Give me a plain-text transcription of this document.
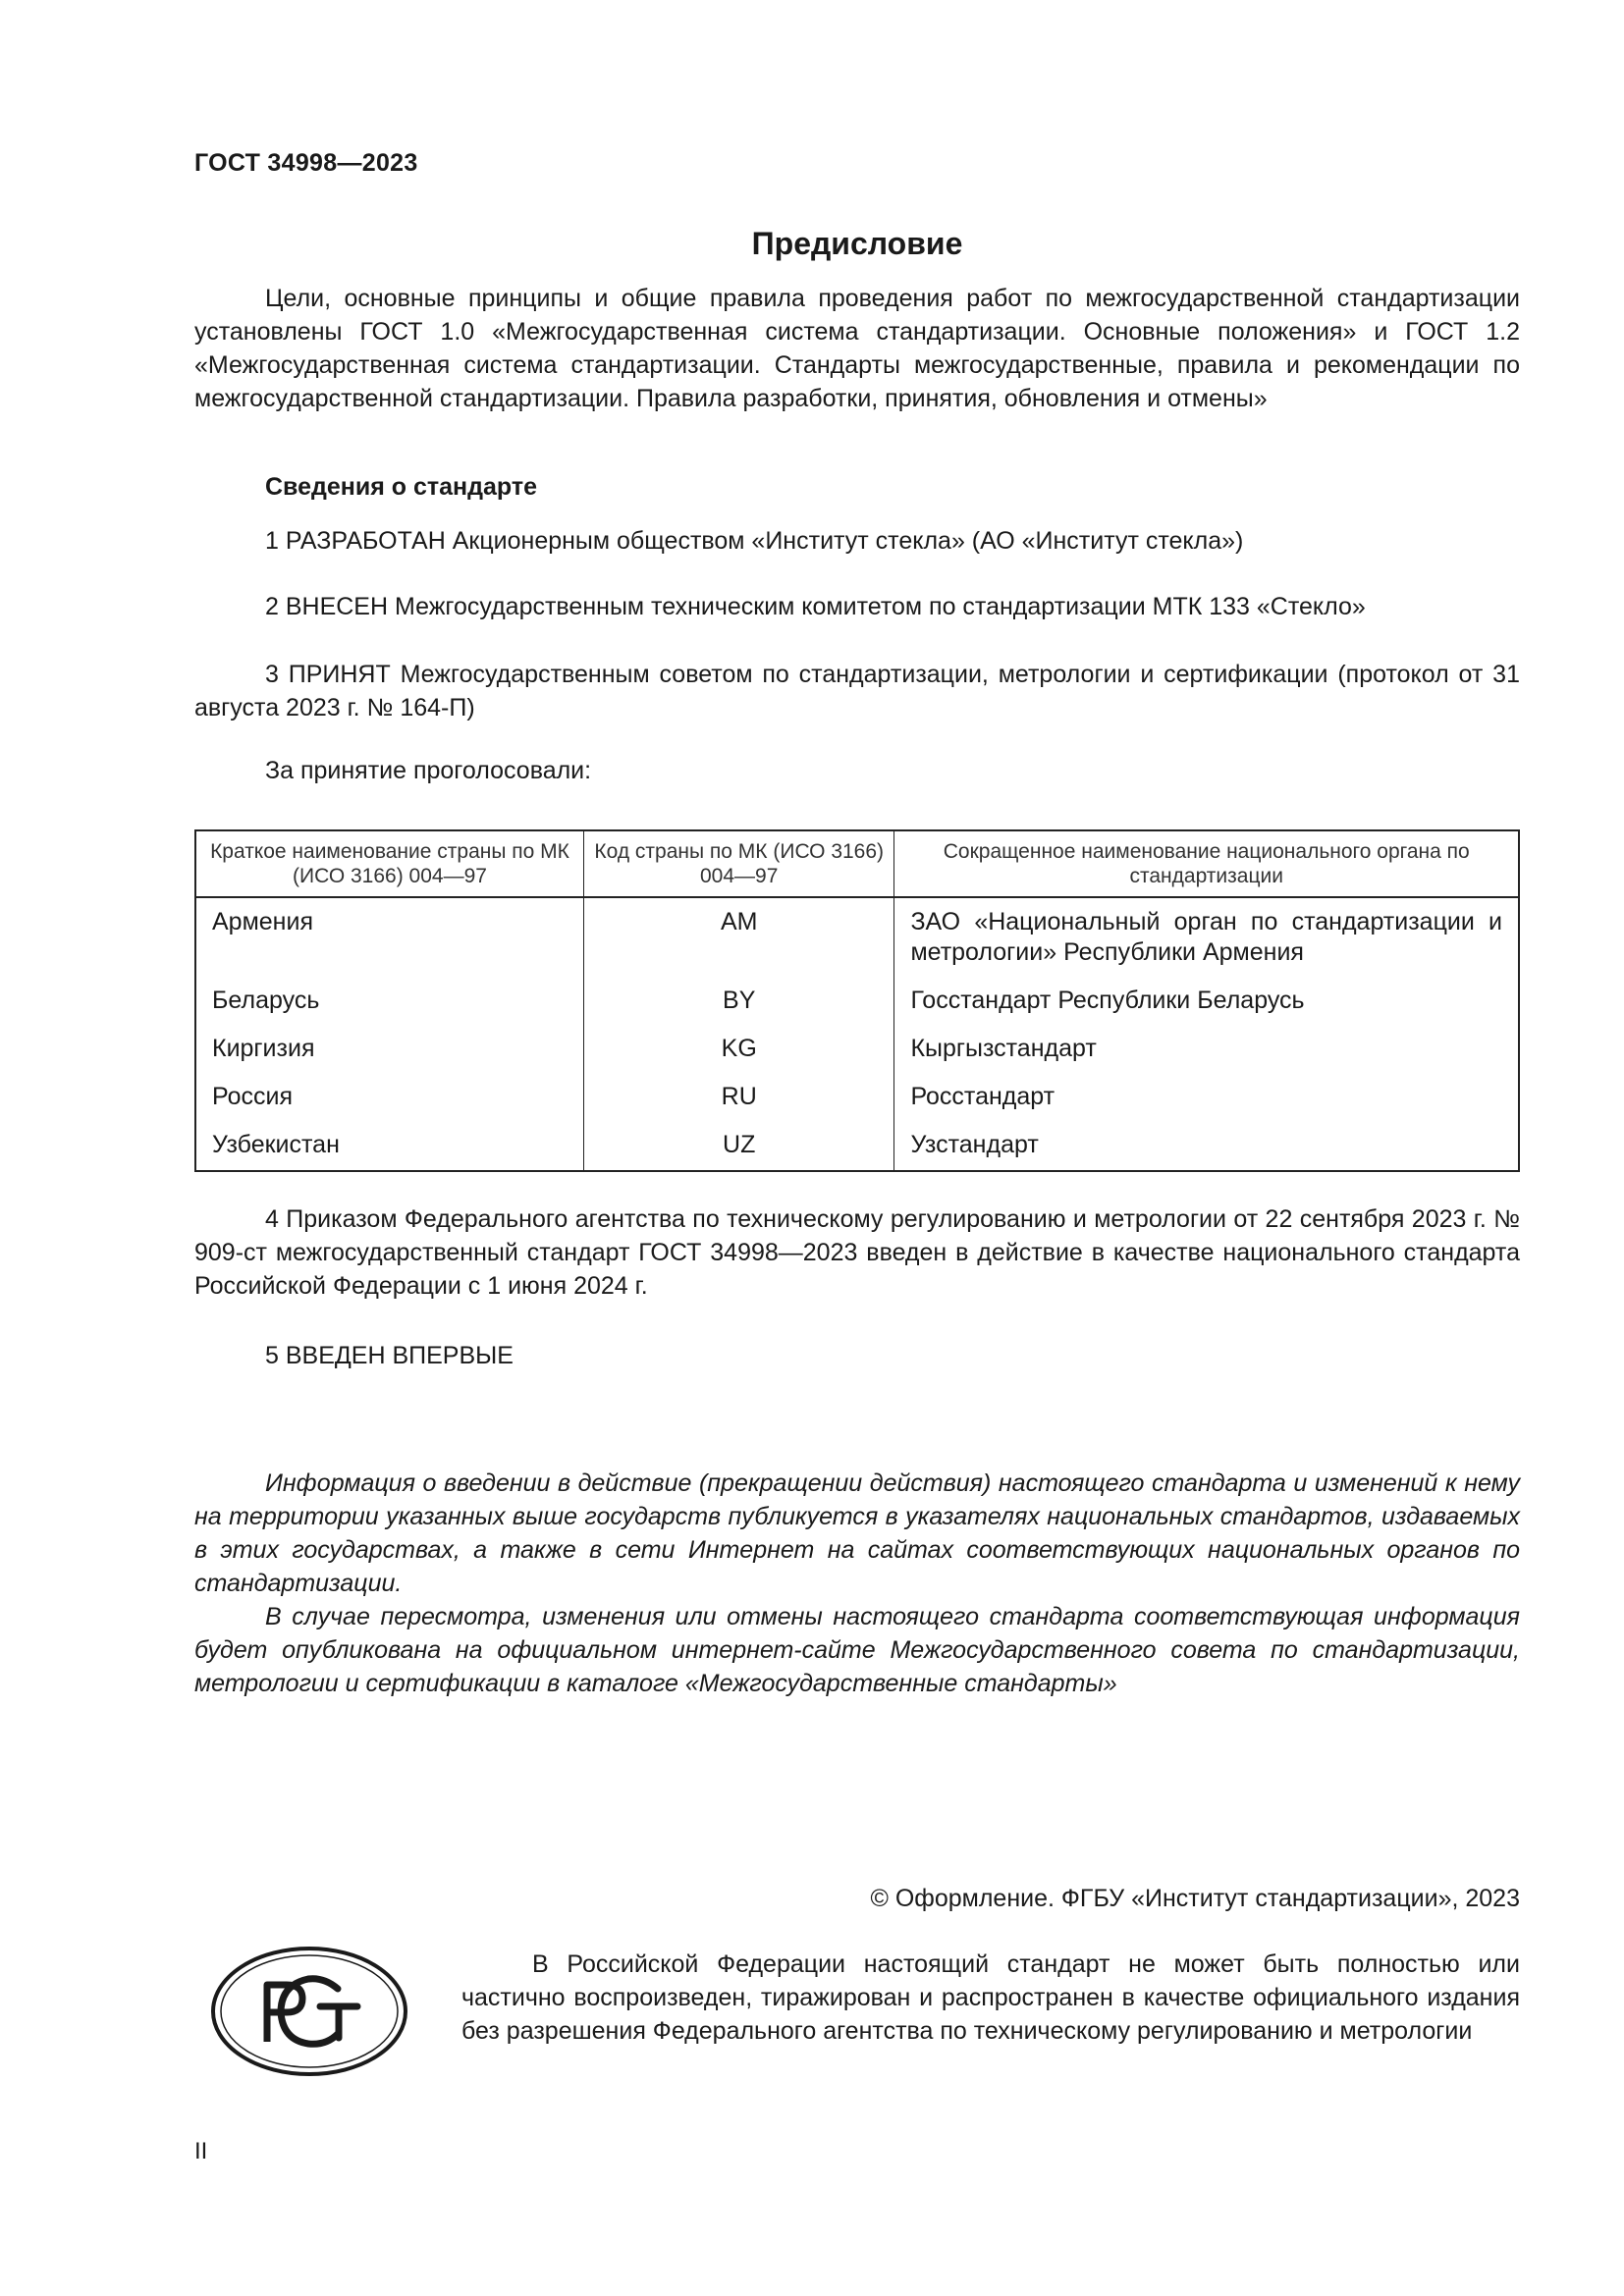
ГОСТ 34998—2023
Предисловие
Цели, основные принципы и общие правила проведения работ по межгосударственной стандартизации установлены ГОСТ 1.0 «Межгосударственная система стандартизации. Основные положения» и ГОСТ 1.2 «Межгосударственная система стандартизации. Стандарты межгосударственные, правила и рекомендации по межгосударственной стандартизации. Правила разработки, принятия, обновления и отмены»
Сведения о стандарте
1 РАЗРАБОТАН Акционерным обществом «Институт стекла» (АО «Институт стекла»)
2 ВНЕСЕН Межгосударственным техническим комитетом по стандартизации МТК 133 «Стекло»
3 ПРИНЯТ Межгосударственным советом по стандартизации, метрологии и сертификации (протокол от 31 августа 2023 г. № 164-П)
За принятие проголосовали:
Краткое наименование страны по МК (ИСО 3166) 004—97	Код страны по МК (ИСО 3166) 004—97	Сокращенное наименование национального органа по стандартизации
Армения	AM	ЗАО «Национальный орган по стандартизации и метрологии» Республики Армения
Беларусь	BY	Госстандарт Республики Беларусь
Киргизия	KG	Кыргызстандарт
Россия	RU	Росстандарт
Узбекистан	UZ	Узстандарт
4 Приказом Федерального агентства по техническому регулированию и метрологии от 22 сентября 2023 г. № 909-ст межгосударственный стандарт ГОСТ 34998—2023 введен в действие в качестве национального стандарта Российской Федерации с 1 июня 2024 г.
5 ВВЕДЕН ВПЕРВЫЕ
Информация о введении в действие (прекращении действия) настоящего стандарта и изменений к нему на территории указанных выше государств публикуется в указателях национальных стандартов, издаваемых в этих государствах, а также в сети Интернет на сайтах соответствующих национальных органов по стандартизации.
В случае пересмотра, изменения или отмены настоящего стандарта соответствующая информация будет опубликована на официальном интернет-сайте Межгосударственного совета по стандартизации, метрологии и сертификации в каталоге «Межгосударственные стандарты»
© Оформление. ФГБУ «Институт стандартизации», 2023
В Российской Федерации настоящий стандарт не может быть полностью или частично воспроизведен, тиражирован и распространен в качестве официального издания без разрешения Федерального агентства по техническому регулированию и метрологии
II
